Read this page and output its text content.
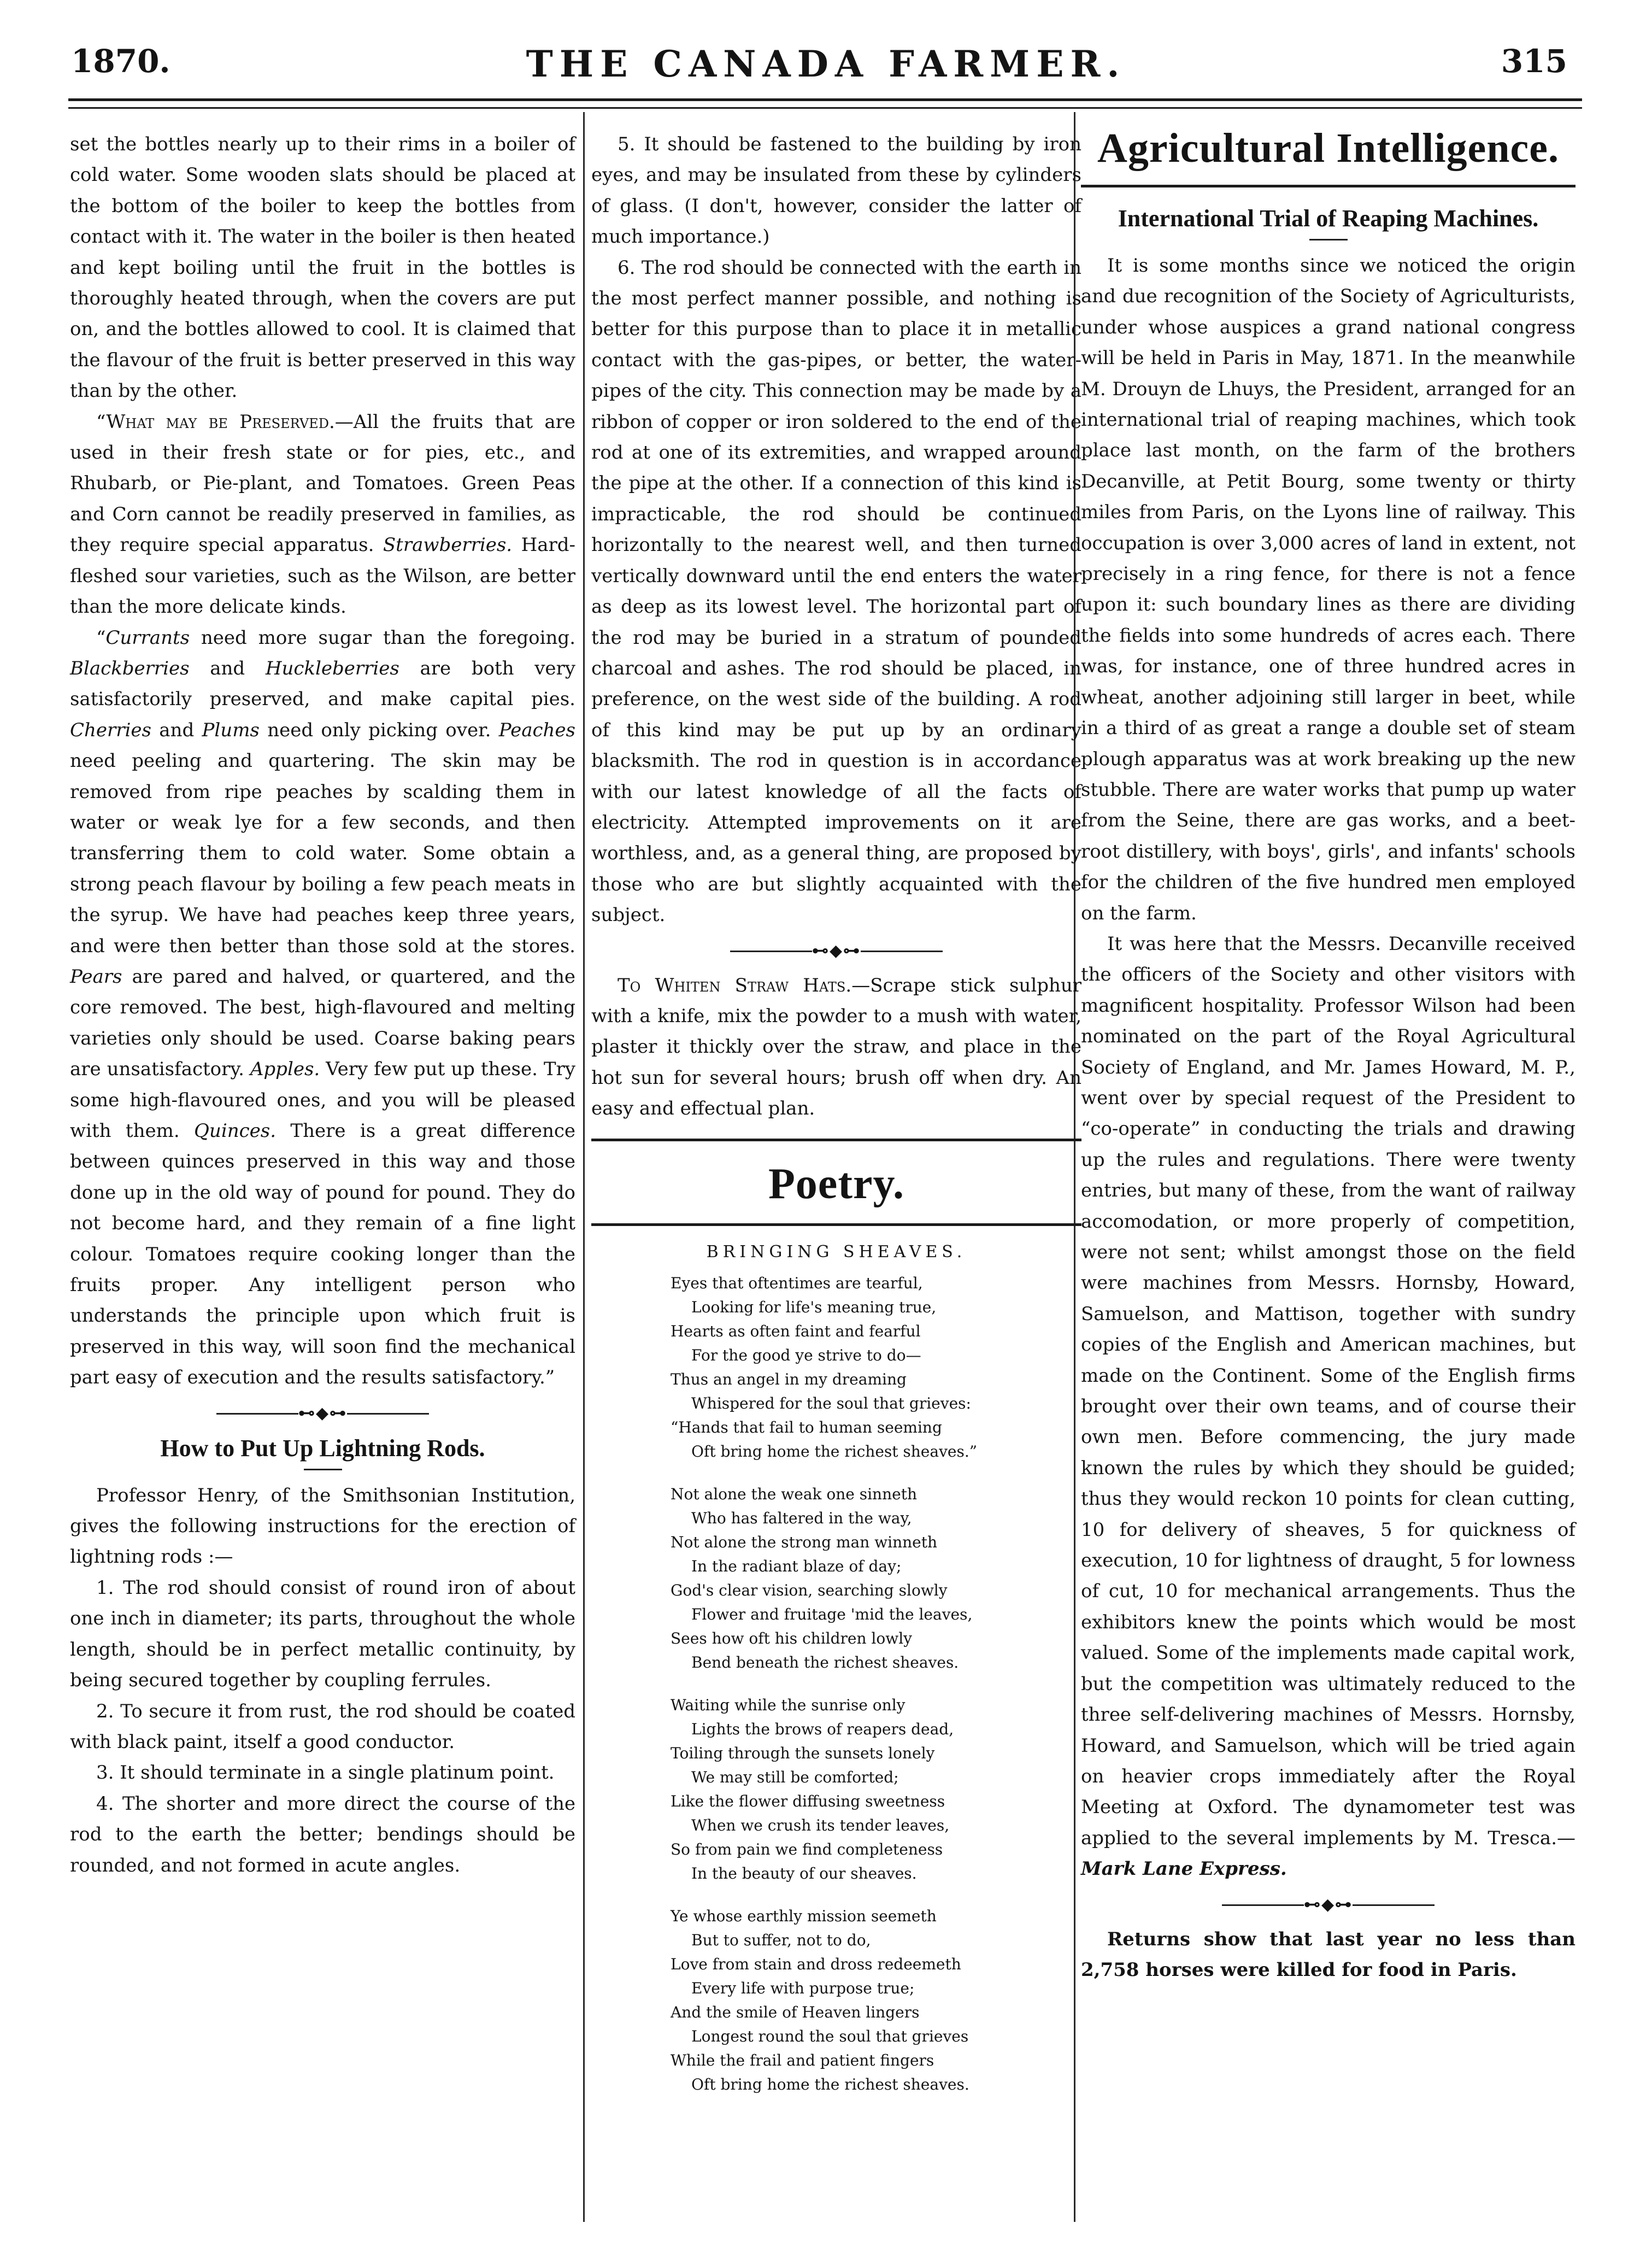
1870.	THE CANADA FARMER.	315

set the bottles nearly up to their rims in a boiler of cold water. Some wooden slats should be placed at the bottom of the boiler to keep the bottles from contact with it. The water in the boiler is then heated and kept boiling until the fruit in the bottles is thoroughly heated through, when the covers are put on, and the bottles allowed to cool. It is claimed that the flavour of the fruit is better preserved in this way than by the other.

“What may be Preserved.—All the fruits that are used in their fresh state or for pies, etc., and Rhubarb, or Pie-plant, and Tomatoes. Green Peas and Corn cannot be readily preserved in families, as they require special apparatus. Strawberries. Hard-fleshed sour varieties, such as the Wilson, are better than the more delicate kinds.

“Currants need more sugar than the foregoing. Blackberries and Huckleberries are both very satisfactorily preserved, and make capital pies. Cherries and Plums need only picking over. Peaches need peeling and quartering. The skin may be removed from ripe peaches by scalding them in water or weak lye for a few seconds, and then transferring them to cold water. Some obtain a strong peach flavour by boiling a few peach meats in the syrup. We have had peaches keep three years, and were then better than those sold at the stores. Pears are pared and halved, or quartered, and the core removed. The best, high-flavoured and melting varieties only should be used. Coarse baking pears are unsatisfactory. Apples. Very few put up these. Try some high-flavoured ones, and you will be pleased with them. Quinces. There is a great difference between quinces preserved in this way and those done up in the old way of pound for pound. They do not become hard, and they remain of a fine light colour. Tomatoes require cooking longer than the fruits proper. Any intelligent person who understands the principle upon which fruit is preserved in this way, will soon find the mechanical part easy of execution and the results satisfactory.”

⊷◆⊶
How to Put Up Lightning Rods.

Professor Henry, of the Smithsonian Institution, gives the following instructions for the erection of lightning rods :—

1. The rod should consist of round iron of about one inch in diameter; its parts, throughout the whole length, should be in perfect metallic continuity, by being secured together by coupling ferrules.

2. To secure it from rust, the rod should be coated with black paint, itself a good conductor.

3. It should terminate in a single platinum point.

4. The shorter and more direct the course of the rod to the earth the better; bendings should be rounded, and not formed in acute angles.

5. It should be fastened to the building by iron eyes, and may be insulated from these by cylinders of glass. (I don't, however, consider the latter of much importance.)

6. The rod should be connected with the earth in the most perfect manner possible, and nothing is better for this purpose than to place it in metallic contact with the gas-pipes, or better, the water-pipes of the city. This connection may be made by a ribbon of copper or iron soldered to the end of the rod at one of its extremities, and wrapped around the pipe at the other. If a connection of this kind is impracticable, the rod should be continued horizontally to the nearest well, and then turned vertically downward until the end enters the water as deep as its lowest level. The horizontal part of the rod may be buried in a stratum of pounded charcoal and ashes. The rod should be placed, in preference, on the west side of the building. A rod of this kind may be put up by an ordinary blacksmith. The rod in question is in accordance with our latest knowledge of all the facts of electricity. Attempted improvements on it are worthless, and, as a general thing, are proposed by those who are but slightly acquainted with the subject.

⊷◆⊶

To Whiten Straw Hats.—Scrape stick sulphur with a knife, mix the powder to a mush with water, plaster it thickly over the straw, and place in the hot sun for several hours; brush off when dry. An easy and effectual plan.

Poetry.
BRINGING SHEAVES.
Eyes that oftentimes are tearful,
Looking for life's meaning true,
Hearts as often faint and fearful
For the good ye strive to do—
Thus an angel in my dreaming
Whispered for the soul that grieves:
“Hands that fail to human seeming
Oft bring home the richest sheaves.”
Not alone the weak one sinneth
Who has faltered in the way,
Not alone the strong man winneth
In the radiant blaze of day;
God's clear vision, searching slowly
Flower and fruitage 'mid the leaves,
Sees how oft his children lowly
Bend beneath the richest sheaves.
Waiting while the sunrise only
Lights the brows of reapers dead,
Toiling through the sunsets lonely
We may still be comforted;
Like the flower diffusing sweetness
When we crush its tender leaves,
So from pain we find completeness
In the beauty of our sheaves.
Ye whose earthly mission seemeth
But to suffer, not to do,
Love from stain and dross redeemeth
Every life with purpose true;
And the smile of Heaven lingers
Longest round the soul that grieves
While the frail and patient fingers
Oft bring home the richest sheaves.
Agricultural Intelligence.
International Trial of Reaping Machines.

It is some months since we noticed the origin and due recognition of the Society of Agriculturists, under whose auspices a grand national congress will be held in Paris in May, 1871. In the meanwhile M. Drouyn de Lhuys, the President, arranged for an international trial of reaping machines, which took place last month, on the farm of the brothers Decanville, at Petit Bourg, some twenty or thirty miles from Paris, on the Lyons line of railway. This occupation is over 3,000 acres of land in extent, not precisely in a ring fence, for there is not a fence upon it: such boundary lines as there are dividing the fields into some hundreds of acres each. There was, for instance, one of three hundred acres in wheat, another adjoining still larger in beet, while in a third of as great a range a double set of steam plough apparatus was at work breaking up the new stubble. There are water works that pump up water from the Seine, there are gas works, and a beet-root distillery, with boys', girls', and infants' schools for the children of the five hundred men employed on the farm.

It was here that the Messrs. Decanville received the officers of the Society and other visitors with magnificent hospitality. Professor Wilson had been nominated on the part of the Royal Agricultural Society of England, and Mr. James Howard, M. P., went over by special request of the President to “co-operate” in conducting the trials and drawing up the rules and regulations. There were twenty entries, but many of these, from the want of railway accomodation, or more properly of competition, were not sent; whilst amongst those on the field were machines from Messrs. Hornsby, Howard, Samuelson, and Mattison, together with sundry copies of the English and American machines, but made on the Continent. Some of the English firms brought over their own teams, and of course their own men. Before commencing, the jury made known the rules by which they should be guided; thus they would reckon 10 points for clean cutting, 10 for delivery of sheaves, 5 for quickness of execution, 10 for lightness of draught, 5 for lowness of cut, 10 for mechanical arrangements. Thus the exhibitors knew the points which would be most valued. Some of the implements made capital work, but the competition was ultimately reduced to the three self-delivering machines of Messrs. Hornsby, Howard, and Samuelson, which will be tried again on heavier crops immediately after the Royal Meeting at Oxford. The dynamometer test was applied to the several implements by M. Tresca.—Mark Lane Express.

⊷◆⊶

Returns show that last year no less than 2,758 horses were killed for food in Paris.
